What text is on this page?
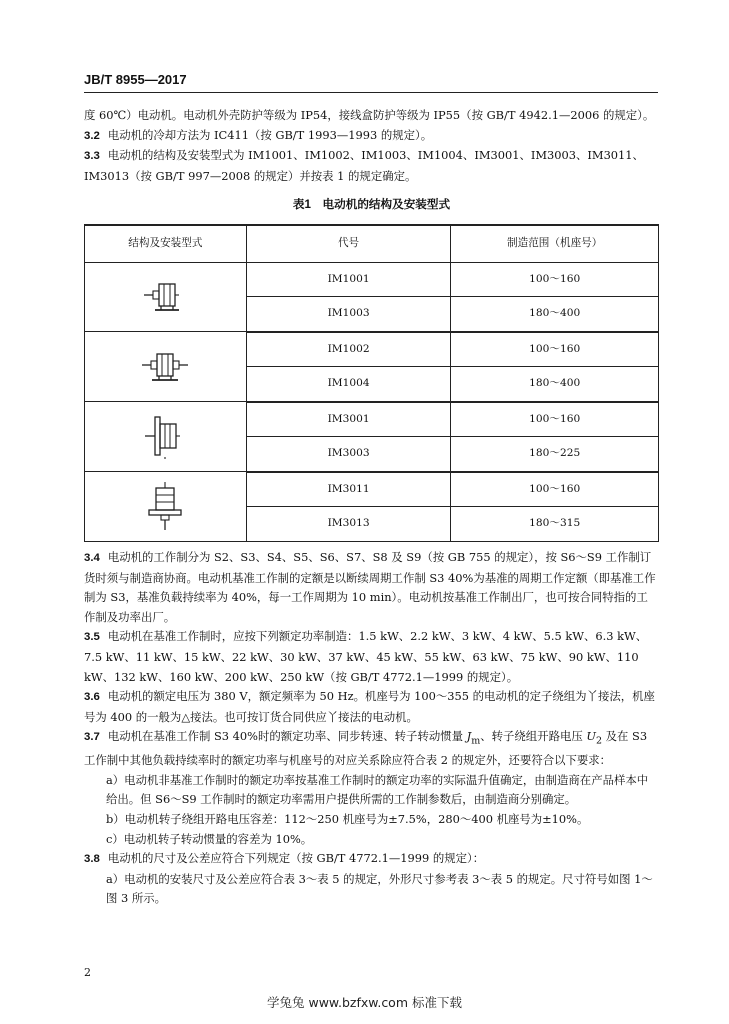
JB/T 8955—2017

度 60℃）电动机。电动机外壳防护等级为 IP54，接线盒防护等级为 IP55（按 GB/T 4942.1—2006 的规定）。

3.2 电动机的冷却方法为 IC411（按 GB/T 1993—1993 的规定）。

3.3 电动机的结构及安装型式为 IM1001、IM1002、IM1003、IM1004、IM3001、IM3003、IM3011、IM3013（按 GB/T 997—2008 的规定）并按表 1 的规定确定。

表1　电动机的结构及安装型式
结构及安装型式	代号	制造范围（机座号）

	IM1001	100～160
	IM1003	180～400

	IM1002	100～160
	IM1004	180～400

	IM3001	100～160
	IM3003	180～225

	IM3011	100～160
	IM3013	180～315

3.4 电动机的工作制分为 S2、S3、S4、S5、S6、S7、S8 及 S9（按 GB 755 的规定），按 S6～S9 工作制订货时须与制造商协商。电动机基准工作制的定额是以断续周期工作制 S3 40%为基准的周期工作定额（即基准工作制为 S3，基准负载持续率为 40%，每一工作周期为 10 min）。电动机按基准工作制出厂，也可按合同特指的工作制及功率出厂。

3.5 电动机在基准工作制时，应按下列额定功率制造：1.5 kW、2.2 kW、3 kW、4 kW、5.5 kW、6.3 kW、7.5 kW、11 kW、15 kW、22 kW、30 kW、37 kW、45 kW、55 kW、63 kW、75 kW、90 kW、110 kW、132 kW、160 kW、200 kW、250 kW（按 GB/T 4772.1—1999 的规定）。

3.6 电动机的额定电压为 380 V，额定频率为 50 Hz。机座号为 100～355 的电动机的定子绕组为丫接法，机座号为 400 的一般为△接法。也可按订货合同供应丫接法的电动机。

3.7 电动机在基准工作制 S3 40%时的额定功率、同步转速、转子转动惯量 $J_m$、转子绕组开路电压 $U_2$ 及在 S3 工作制中其他负载持续率时的额定功率与机座号的对应关系除应符合表 2 的规定外，还要符合以下要求：

a）电动机非基准工作制时的额定功率按基准工作制时的额定功率的实际温升值确定，由制造商在产品样本中给出。但 S6～S9 工作制时的额定功率需用户提供所需的工作制参数后，由制造商分别确定。

b）电动机转子绕组开路电压容差：112～250 机座号为±7.5%，280～400 机座号为±10%。

c）电动机转子转动惯量的容差为 10%。

3.8 电动机的尺寸及公差应符合下列规定（按 GB/T 4772.1—1999 的规定）：

a）电动机的安装尺寸及公差应符合表 3～表 5 的规定，外形尺寸参考表 3～表 5 的规定。尺寸符号如图 1～图 3 所示。

2
学兔兔 www.bzfxw.com 标准下载
